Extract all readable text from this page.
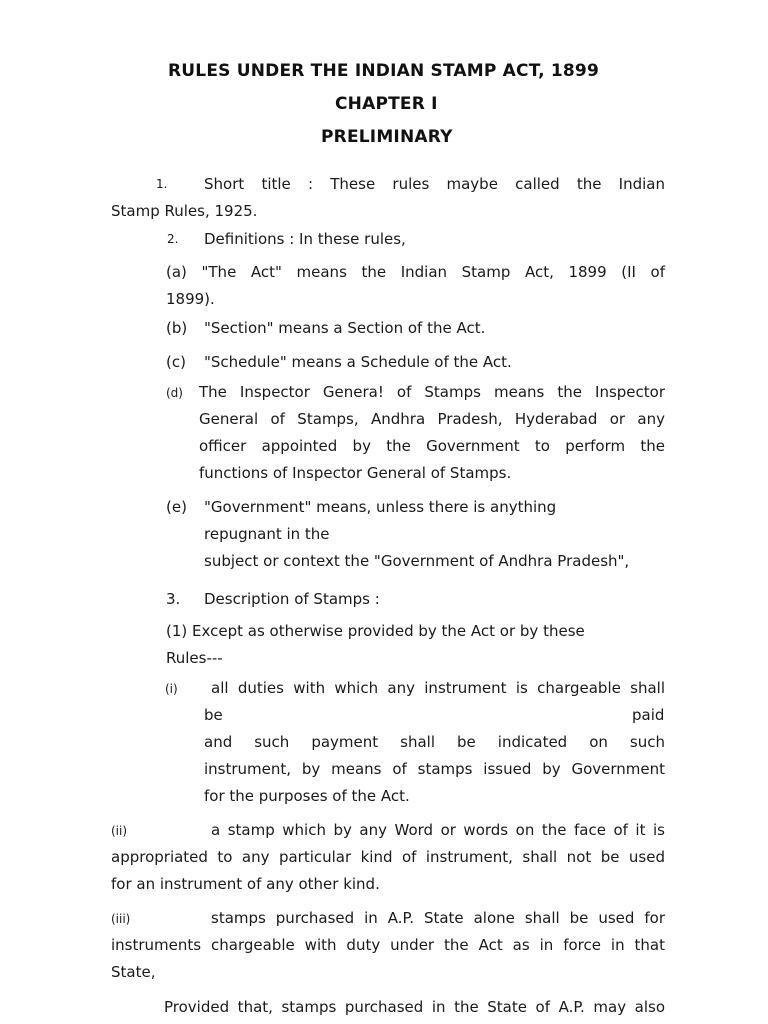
RULES UNDER THE INDIAN STAMP ACT, 1899
CHAPTER I
PRELIMINARY
1. Short title : These rules maybe called the Indian
Stamp Rules, 1925.
2. Definitions : In these rules,
(a) "The Act" means the Indian Stamp Act, 1899 (II of
1899).
(b) "Section" means a Section of the Act.
(c) "Schedule" means a Schedule of the Act.
(d) The Inspector Genera! of Stamps means the Inspector
General of Stamps, Andhra Pradesh, Hyderabad or any
officer appointed by the Government to perform the
functions of Inspector General of Stamps.
(e) "Government" means, unless there is anything
repugnant in the
subject or context the "Government of Andhra Pradesh",
3. Description of Stamps :
(1) Except as otherwise provided by the Act or by these
Rules---
(i) all duties with which any instrument is chargeable shall
be	paid
and such payment shall be indicated on such
instrument, by means of stamps issued by Government
for the purposes of the Act.
(ii)	a stamp which by any Word or words on the face of it is
appropriated to any particular kind of instrument, shall not be used
for an instrument of any other kind.
(iii)	stamps purchased in A.P. State alone shall be used for
instruments chargeable with duty under the Act as in force in that
State,
Provided that, stamps purchased in the State of A.P. may also
